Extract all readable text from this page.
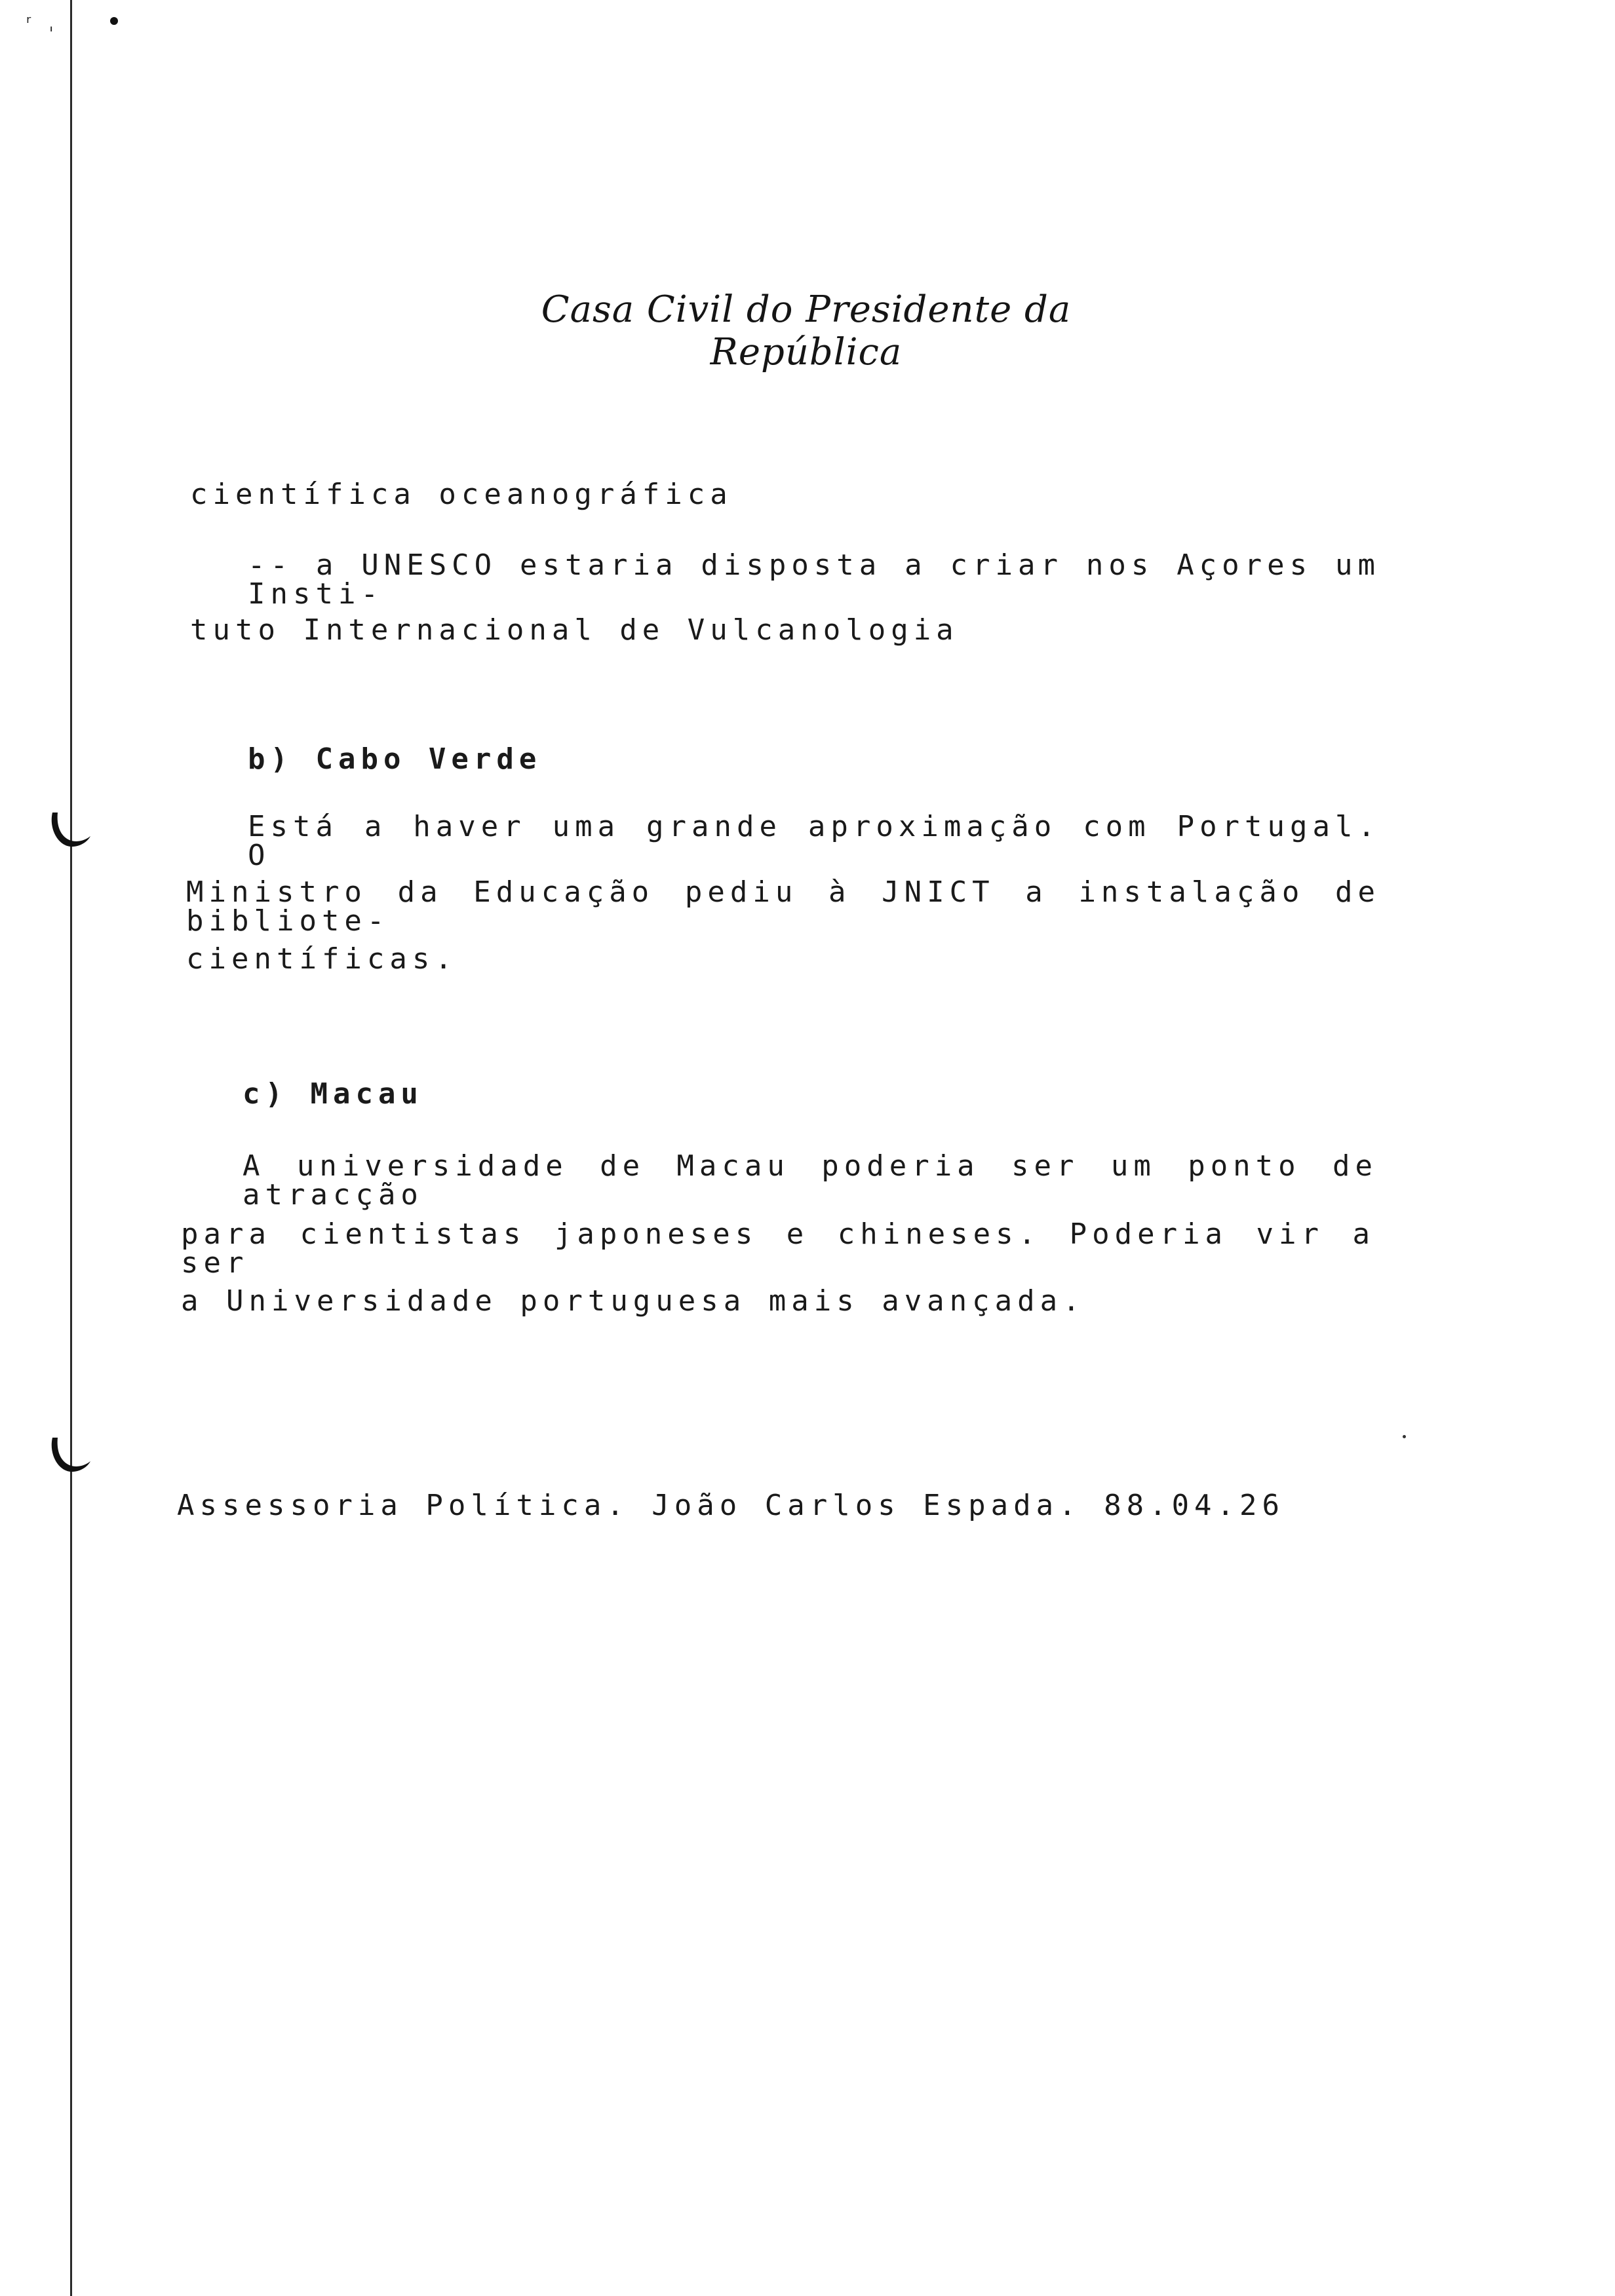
ʳ ˌ
Casa Civil do Presidente da República
científica oceanográfica
-- a UNESCO estaria disposta a criar nos Açores um Insti-
tuto Internacional de Vulcanologia
b) Cabo Verde
Está a haver uma grande aproximação com Portugal. O
Ministro da Educação pediu à JNICT a instalação de bibliote-
científicas.
c) Macau
A universidade de Macau poderia ser um ponto de atracção
para cientistas japoneses e chineses. Poderia vir a ser
a Universidade portuguesa mais avançada.
Assessoria Política. João Carlos Espada. 88.04.26
